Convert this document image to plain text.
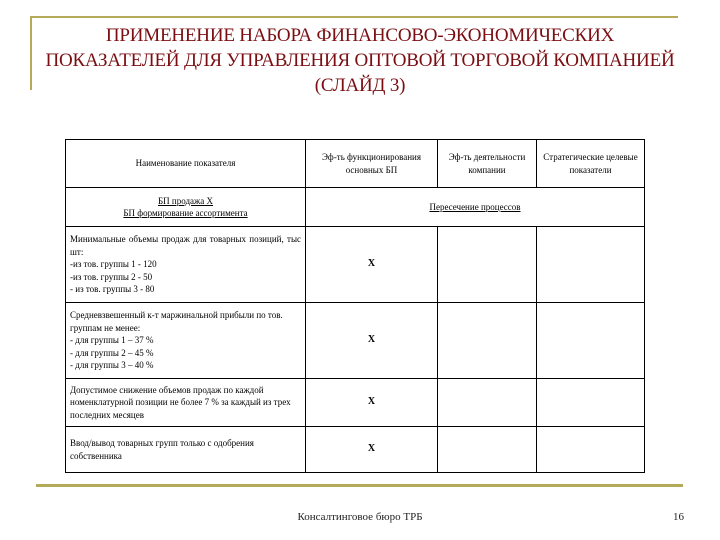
ПРИМЕНЕНИЕ НАБОРА ФИНАНСОВО-ЭКОНОМИЧЕСКИХ ПОКАЗАТЕЛЕЙ ДЛЯ УПРАВЛЕНИЯ ОПТОВОЙ ТОРГОВОЙ КОМПАНИЕЙ (СЛАЙД 3)
Наименование показателя	Эф-ть функционирования основных БП	Эф-ть деятельности компании	Стратегические целевые показатели

БП продажа Х
БП формирование ассортимента	Пересечение процессов		

Минимальные объемы продаж для товарных позиций, тыс шт:
-из тов. группы 1 - 120
-из тов. группы 2 - 50
- из тов. группы 3 - 80	X		

Средневзвешенный к-т маржинальной прибыли по тов. группам не менее:
- для группы 1 – 37 %
- для группы 2 – 45 %
- для группы 3 – 40 %	X		

Допустимое снижение объемов продаж по каждой номенклатурной позиции не более 7 % за каждый из трех последних месяцев	X		

Ввод/вывод товарных групп только с одобрения собственника	X		
Консалтинговое бюро ТРБ	16
